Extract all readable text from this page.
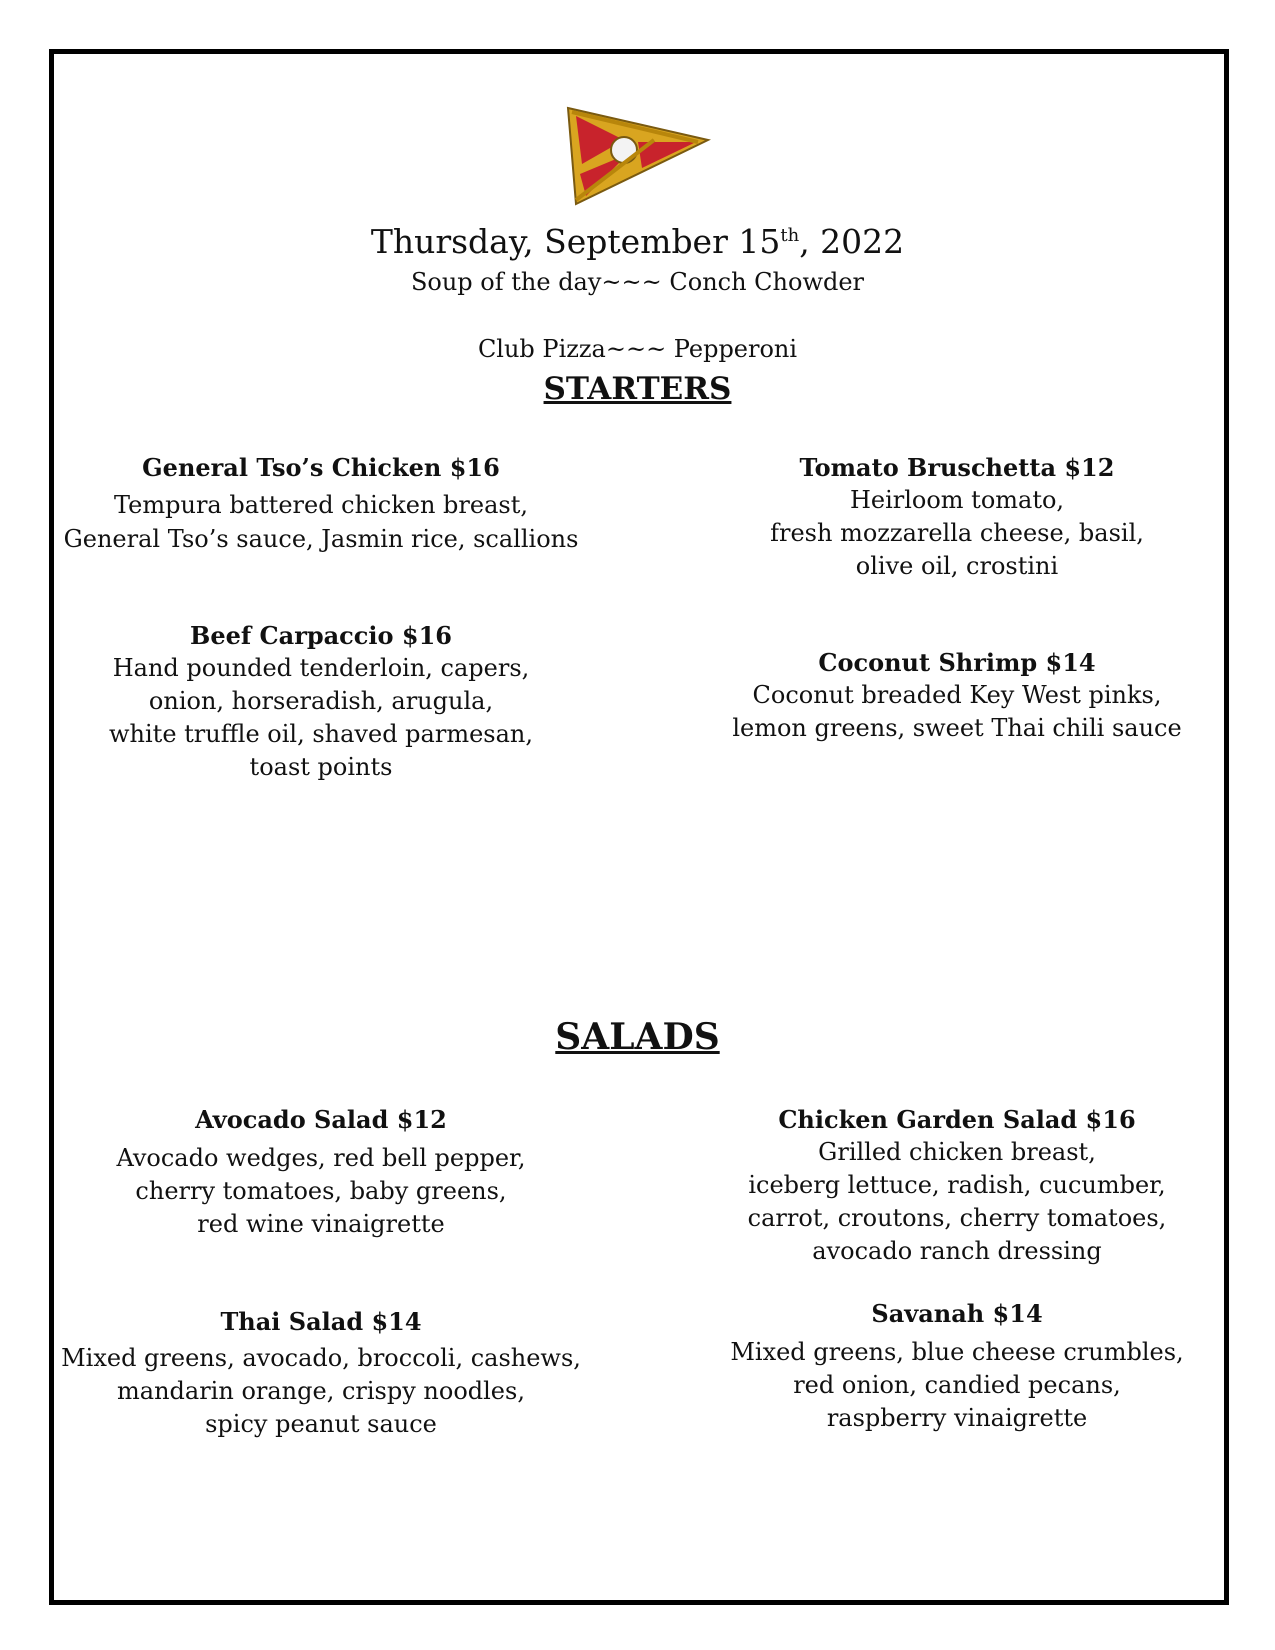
Thursday, September 15th, 2022
Soup of the day~~~ Conch Chowder
Club Pizza~~~ Pepperoni
STARTERS
General Tso’s Chicken $16
Tempura battered chicken breast,
General Tso’s sauce, Jasmin rice, scallions
Tomato Bruschetta $12
Heirloom tomato,
fresh mozzarella cheese, basil,
olive oil, crostini
Beef Carpaccio $16
Hand pounded tenderloin, capers,
onion, horseradish, arugula,
white truffle oil, shaved parmesan,
toast points
Coconut Shrimp $14
Coconut breaded Key West pinks,
lemon greens, sweet Thai chili sauce
SALADS
Avocado Salad $12
Avocado wedges, red bell pepper,
cherry tomatoes, baby greens,
red wine vinaigrette
Chicken Garden Salad $16
Grilled chicken breast,
iceberg lettuce, radish, cucumber,
carrot, croutons, cherry tomatoes,
avocado ranch dressing
Thai Salad $14
Mixed greens, avocado, broccoli, cashews,
mandarin orange, crispy noodles,
spicy peanut sauce
Savanah $14
Mixed greens, blue cheese crumbles,
red onion, candied pecans,
raspberry vinaigrette
